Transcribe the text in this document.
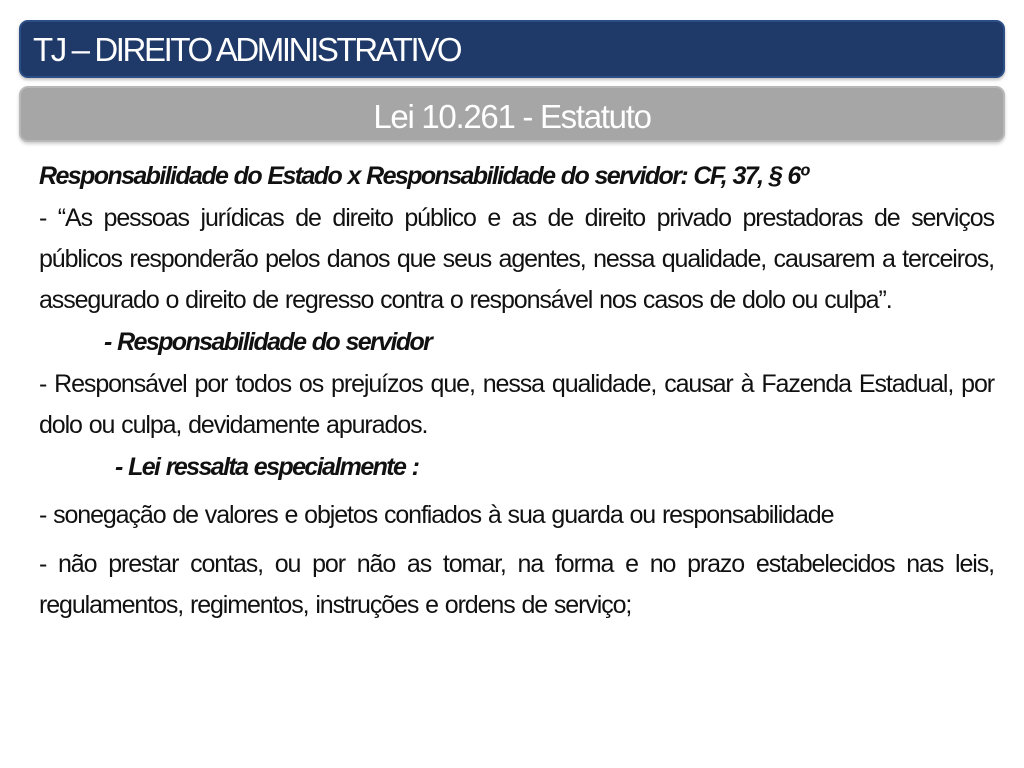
TJ – DIREITO ADMINISTRATIVO
Lei 10.261 - Estatuto
Responsabilidade do Estado x Responsabilidade do servidor: CF, 37, § 6º
- “As pessoas jurídicas de direito público e as de direito privado prestadoras de serviços públicos responderão pelos danos que seus agentes, nessa qualidade, causarem a terceiros, assegurado o direito de regresso contra o responsável nos casos de dolo ou culpa”.
- Responsabilidade do servidor
- Responsável por todos os prejuízos que, nessa qualidade, causar à Fazenda Estadual, por dolo ou culpa, devidamente apurados.
- Lei ressalta especialmente :
- sonegação de valores e objetos confiados à sua guarda ou responsabilidade
- não prestar contas, ou por não as tomar, na forma e no prazo estabelecidos nas leis, regulamentos, regimentos, instruções e ordens de serviço;
